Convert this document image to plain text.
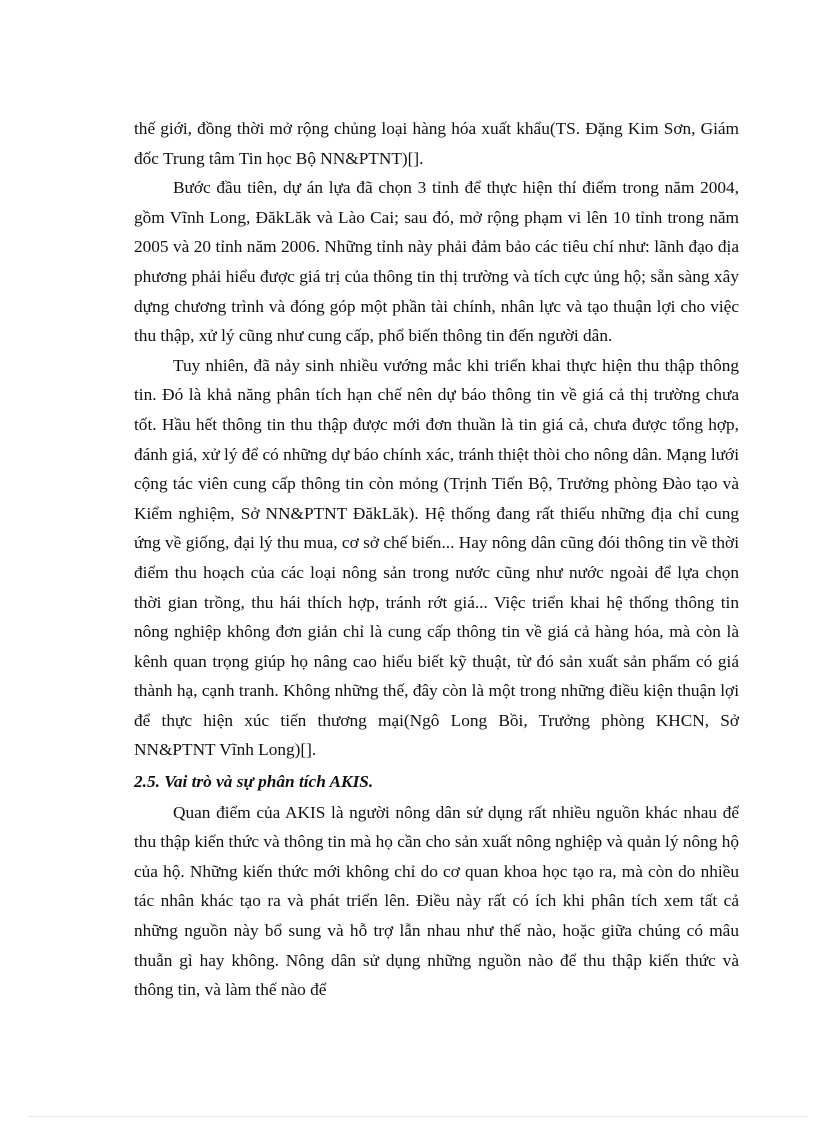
thế giới, đồng thời mở rộng chủng loại hàng hóa xuất khẩu(TS. Đặng Kim Sơn, Giám đốc Trung tâm Tin học Bộ NN&PTNT)[].

Bước đầu tiên, dự án lựa đã chọn 3 tỉnh để thực hiện thí điểm trong năm 2004, gồm Vĩnh Long, ĐăkLăk và Lào Cai; sau đó, mở rộng phạm vi lên 10 tỉnh trong năm 2005 và 20 tỉnh năm 2006. Những tỉnh này phải đảm bảo các tiêu chí như: lãnh đạo địa phương phải hiểu được giá trị của thông tin thị trường và tích cực ủng hộ; sẵn sàng xây dựng chương trình và đóng góp một phần tài chính, nhân lực và tạo thuận lợi cho việc thu thập, xử lý cũng như cung cấp, phổ biến thông tin đến người dân.

Tuy nhiên, đã nảy sinh nhiều vướng mắc khi triển khai thực hiện thu thập thông tin. Đó là khả năng phân tích hạn chế nên dự báo thông tin về giá cả thị trường chưa tốt. Hầu hết thông tin thu thập được mới đơn thuần là tin giá cả, chưa được tổng hợp, đánh giá, xử lý để có những dự báo chính xác, tránh thiệt thòi cho nông dân. Mạng lưới cộng tác viên cung cấp thông tin còn mỏng (Trịnh Tiến Bộ, Trưởng phòng Đào tạo và Kiểm nghiệm, Sở NN&PTNT ĐăkLăk). Hệ thống đang rất thiếu những địa chỉ cung ứng về giống, đại lý thu mua, cơ sở chế biến... Hay nông dân cũng đói thông tin về thời điểm thu hoạch của các loại nông sản trong nước cũng như nước ngoài để lựa chọn thời gian trồng, thu hái thích hợp, tránh rớt giá... Việc triển khai hệ thống thông tin nông nghiệp không đơn giản chỉ là cung cấp thông tin về giá cả hàng hóa, mà còn là kênh quan trọng giúp họ nâng cao hiểu biết kỹ thuật, từ đó sản xuất sản phẩm có giá thành hạ, cạnh tranh. Không những thế, đây còn là một trong những điều kiện thuận lợi để thực hiện xúc tiến thương mại(Ngô Long Bồi, Trưởng phòng KHCN, Sở NN&PTNT Vĩnh Long)[].

2.5. Vai trò và sự phân tích AKIS.

Quan điểm của AKIS là người nông dân sử dụng rất nhiều nguồn khác nhau để thu thập kiến thức và thông tin mà họ cần cho sản xuất nông nghiệp và quản lý nông hộ của hộ. Những kiến thức mới không chỉ do cơ quan khoa học tạo ra, mà còn do nhiều tác nhân khác tạo ra và phát triển lên. Điều này rất có ích khi phân tích xem tất cả những nguồn này bổ sung và hỗ trợ lẫn nhau như thế nào, hoặc giữa chúng có mâu thuẫn gì hay không. Nông dân sử dụng những nguồn nào để thu thập kiến thức và thông tin, và làm thế nào để
